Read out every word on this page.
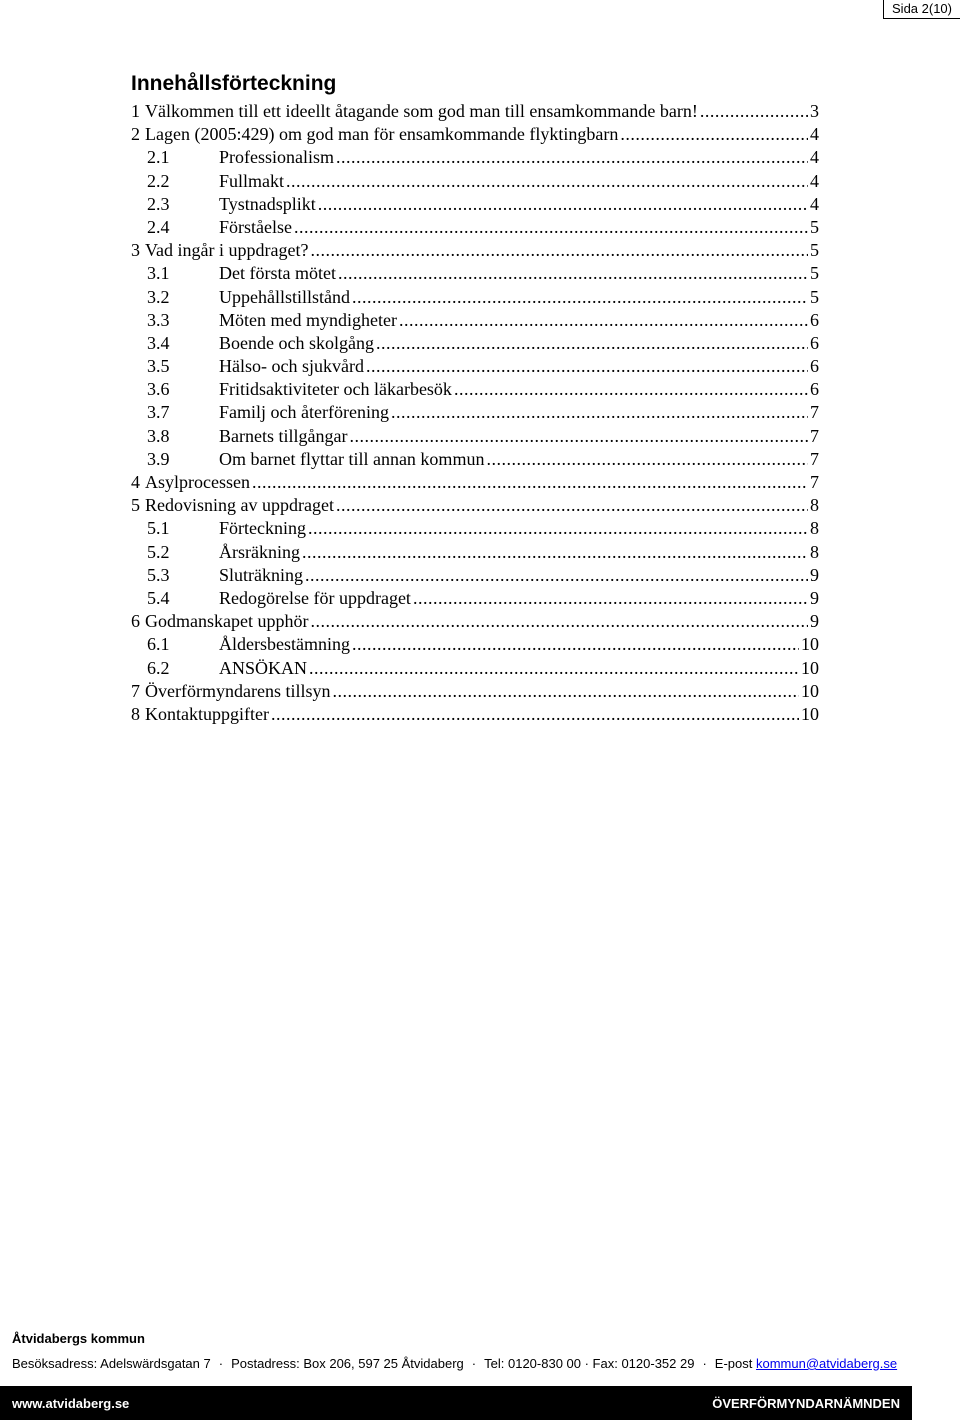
Sida 2(10)
Innehållsförteckning
1 Välkommen till ett ideellt åtagande som god man till ensamkommande barn! .....	3
2 Lagen (2005:429) om god man för ensamkommande flyktingbarn .....	4
2.1	Professionalism .....	4
2.2	Fullmakt .....	4
2.3	Tystnadsplikt .....	4
2.4	Förståelse .....	5
3 Vad ingår i uppdraget? .....	5
3.1	Det första mötet .....	5
3.2	Uppehållstillstånd .....	5
3.3	Möten med myndigheter .....	6
3.4	Boende och skolgång .....	6
3.5	Hälso- och sjukvård .....	6
3.6	Fritidsaktiviteter och läkarbesök .....	6
3.7	Familj och återförening .....	7
3.8	Barnets tillgångar .....	7
3.9	Om barnet flyttar till annan kommun .....	7
4 Asylprocessen .....	7
5 Redovisning av uppdraget .....	8
5.1	Förteckning .....	8
5.2	Årsräkning .....	8
5.3	Sluträkning .....	9
5.4	Redogörelse för uppdraget .....	9
6 Godmanskapet upphör .....	9
6.1	Åldersbestämning .....	10
6.2	ANSÖKAN .....	10
7 Överförmyndarens tillsyn .....	10
8 Kontaktuppgifter .....	10
Åtvidabergs kommun
Besöksadress: Adelswärdsgatan 7 · Postadress: Box 206, 597 25 Åtvidaberg · Tel: 0120-830 00 · Fax: 0120-352 29 · E-post kommun@atvidaberg.se
www.atvidaberg.se	ÖVERFÖRMYNDARNÄMNDEN
